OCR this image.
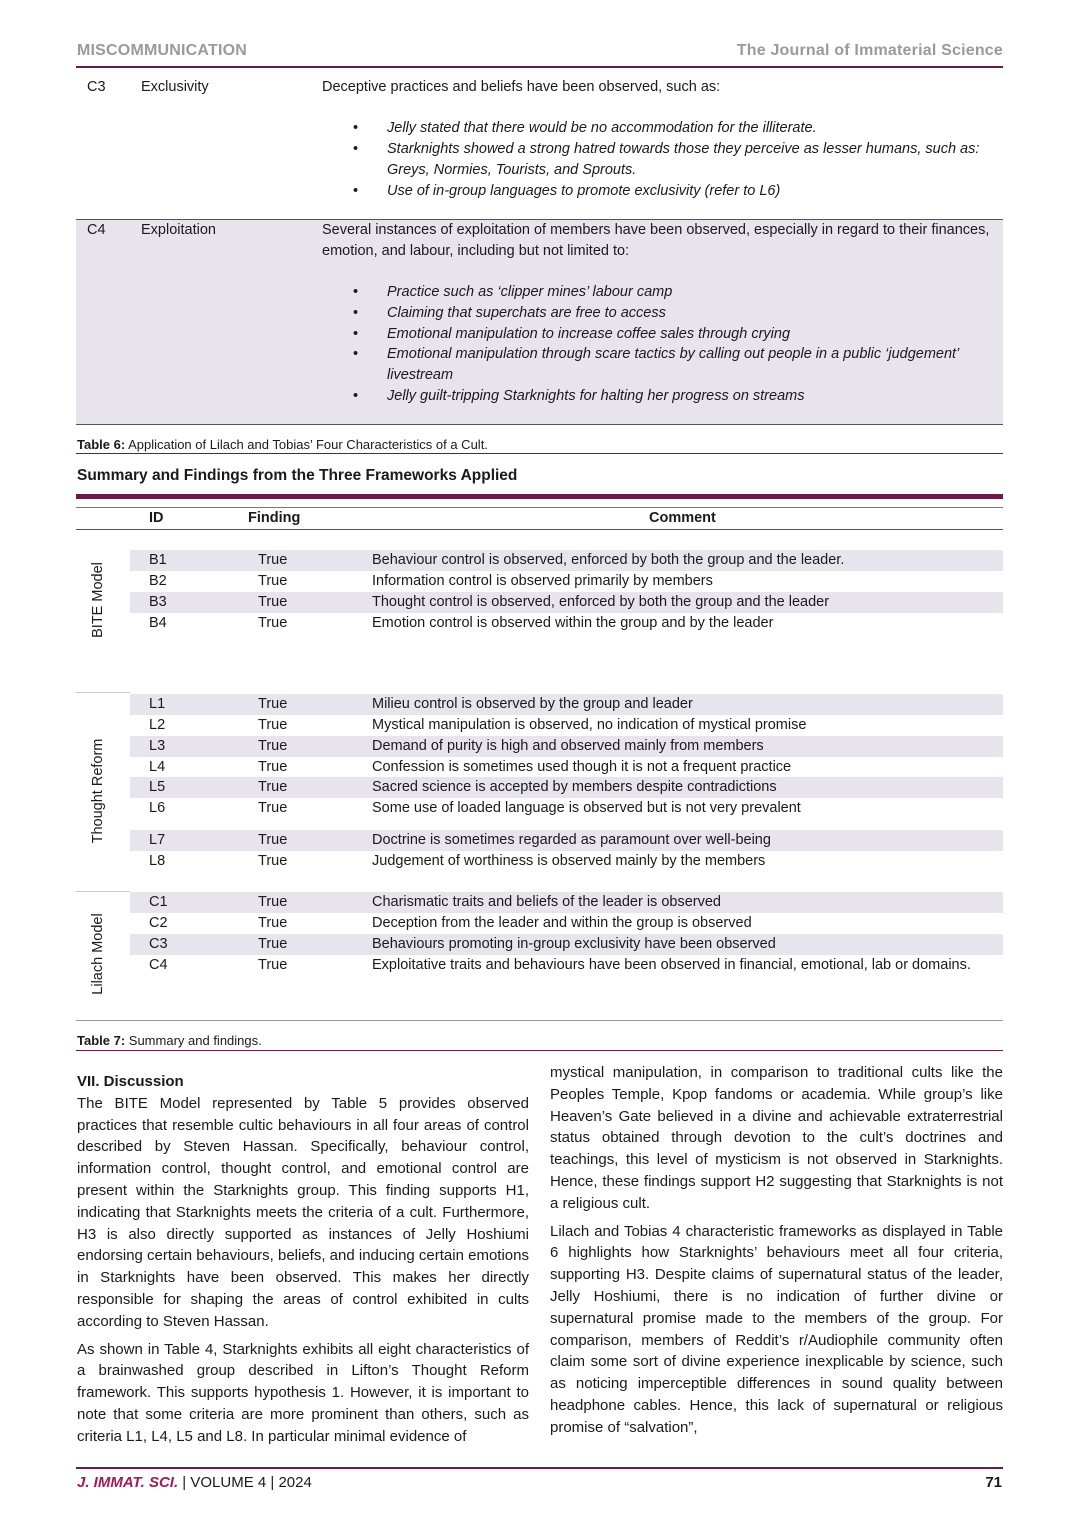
MISCOMMUNICATION	The Journal of Immaterial Science
C3 Exclusivity	Deceptive practices and beliefs have been observed, such as:
• Jelly stated that there would be no accommodation for the illiterate.
• Starknights showed a strong hatred towards those they perceive as lesser humans, such as: Greys, Normies, Tourists, and Sprouts.
• Use of in-group languages to promote exclusivity (refer to L6)
C4 Exploitation	Several instances of exploitation of members have been observed, especially in regard to their finances, emotion, and labour, including but not limited to:
• Practice such as ‘clipper mines’ labour camp
• Claiming that superchats are free to access
• Emotional manipulation to increase coffee sales through crying
• Emotional manipulation through scare tactics by calling out people in a public ‘judgement’ livestream
• Jelly guilt-tripping Starknights for halting her progress on streams
Table 6: Application of Lilach and Tobias’ Four Characteristics of a Cult.
Summary and Findings from the Three Frameworks Applied
ID	Finding	Comment
BITE Model
B1	True	Behaviour control is observed, enforced by both the group and the leader.
B2	True	Information control is observed primarily by members
B3	True	Thought control is observed, enforced by both the group and the leader
B4	True	Emotion control is observed within the group and by the leader
Thought Reform
L1	True	Milieu control is observed by the group and leader
L2	True	Mystical manipulation is observed, no indication of mystical promise
L3	True	Demand of purity is high and observed mainly from members
L4	True	Confession is sometimes used though it is not a frequent practice
L5	True	Sacred science is accepted by members despite contradictions
L6	True	Some use of loaded language is observed but is not very prevalent
L7	True	Doctrine is sometimes regarded as paramount over well-being
L8	True	Judgement of worthiness is observed mainly by the members
Lilach Model
C1	True	Charismatic traits and beliefs of the leader is observed
C2	True	Deception from the leader and within the group is observed
C3	True	Behaviours promoting in-group exclusivity have been observed
C4	True	Exploitative traits and behaviours have been observed in financial, emotional, lab or domains.
Table 7: Summary and findings.
VII. Discussion

The BITE Model represented by Table 5 provides observed practices that resemble cultic behaviours in all four areas of control described by Steven Hassan. Specifically, behaviour control, information control, thought control, and emotional control are present within the Starknights group. This finding supports H1, indicating that Starknights meets the criteria of a cult. Furthermore, H3 is also directly supported as instances of Jelly Hoshiumi endorsing certain behaviours, beliefs, and inducing certain emotions in Starknights have been observed. This makes her directly responsible for shaping the areas of control exhibited in cults according to Steven Hassan.

As shown in Table 4, Starknights exhibits all eight characteristics of a brainwashed group described in Lifton’s Thought Reform framework. This supports hypothesis 1. However, it is important to note that some criteria are more prominent than others, such as criteria L1, L4, L5 and L8. In particular minimal evidence of

mystical manipulation, in comparison to traditional cults like the Peoples Temple, Kpop fandoms or academia. While group’s like Heaven’s Gate believed in a divine and achievable extraterrestrial status obtained through devotion to the cult’s doctrines and teachings, this level of mysticism is not observed in Starknights. Hence, these findings support H2 suggesting that Starknights is not a religious cult.

Lilach and Tobias 4 characteristic frameworks as displayed in Table 6 highlights how Starknights’ behaviours meet all four criteria, supporting H3. Despite claims of supernatural status of the leader, Jelly Hoshiumi, there is no indication of further divine or supernatural promise made to the members of the group. For comparison, members of Reddit’s r/Audiophile community often claim some sort of divine experience inexplicable by science, such as noticing imperceptible differences in sound quality between headphone cables. Hence, this lack of supernatural or religious promise of “salvation”,

J. IMMAT. SCI. | VOLUME 4 | 2024	71
